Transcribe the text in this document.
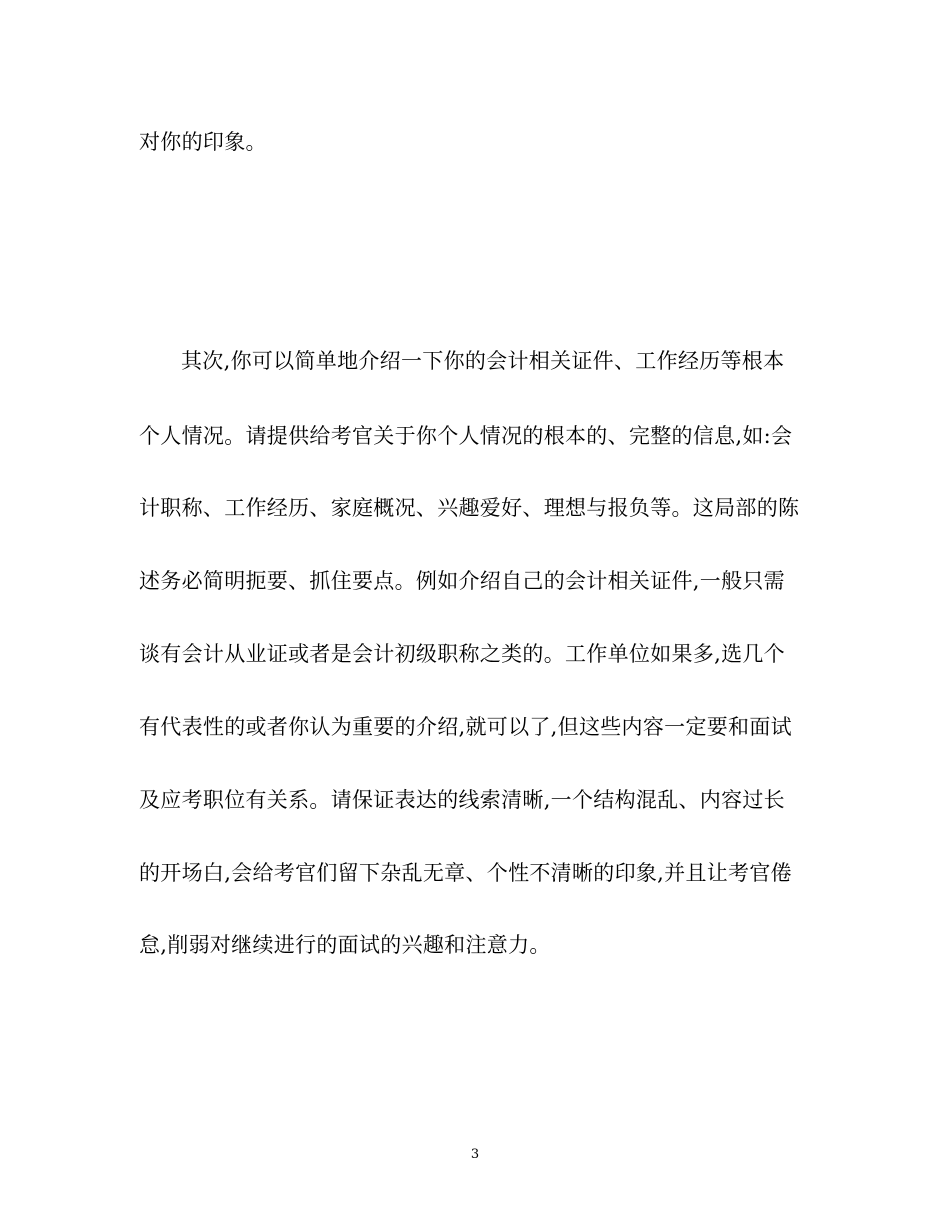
对你的印象。
其次,你可以简单地介绍一下你的会计相关证件、工作经历等根本
个人情况。请提供给考官关于你个人情况的根本的、完整的信息,如:会
计职称、工作经历、家庭概况、兴趣爱好、理想与报负等。这局部的陈
述务必简明扼要、抓住要点。例如介绍自己的会计相关证件,一般只需
谈有会计从业证或者是会计初级职称之类的。工作单位如果多,选几个
有代表性的或者你认为重要的介绍,就可以了,但这些内容一定要和面试
及应考职位有关系。请保证表达的线索清晰,一个结构混乱、内容过长
的开场白,会给考官们留下杂乱无章、个性不清晰的印象,并且让考官倦
怠,削弱对继续进行的面试的兴趣和注意力。
3
